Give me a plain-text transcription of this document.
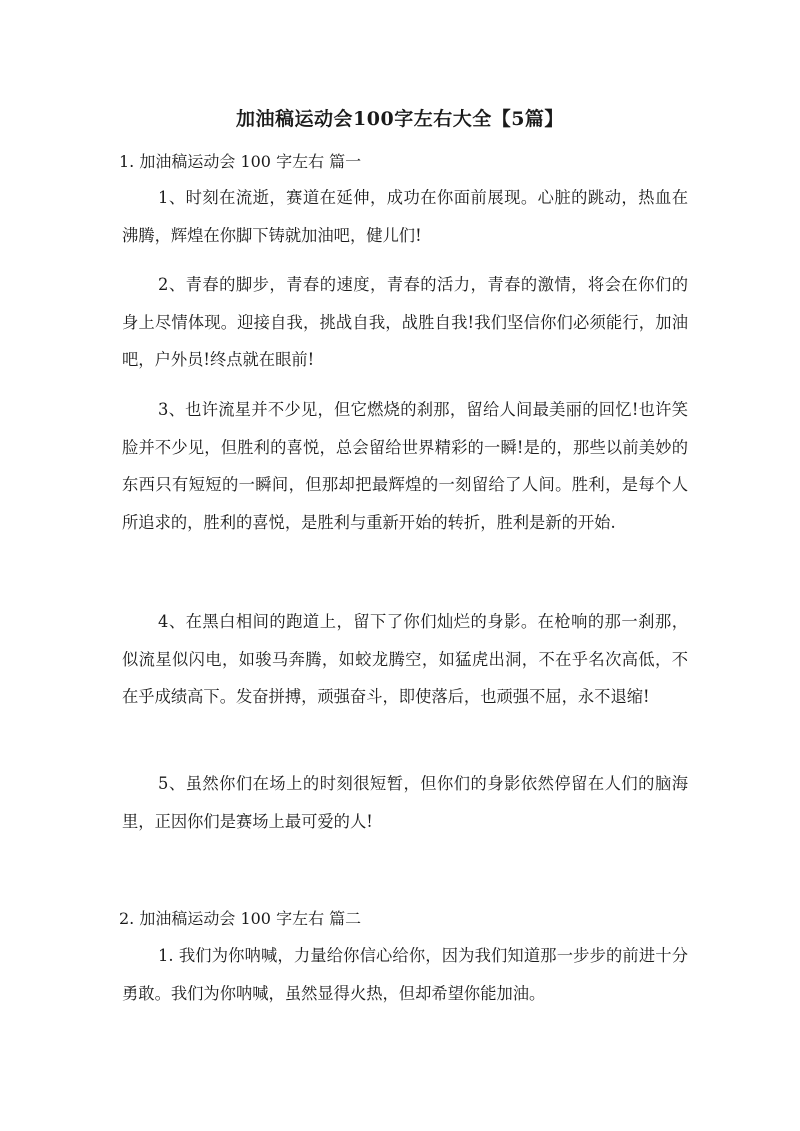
加油稿运动会100字左右大全【5篇】
1. 加油稿运动会 100 字左右 篇一

1、时刻在流逝，赛道在延伸，成功在你面前展现。心脏的跳动，热血在沸腾，辉煌在你脚下铸就加油吧，健儿们!

2、青春的脚步，青春的速度，青春的活力，青春的激情，将会在你们的身上尽情体现。迎接自我，挑战自我，战胜自我!我们坚信你们必须能行，加油吧，户外员!终点就在眼前!

3、也许流星并不少见，但它燃烧的刹那，留给人间最美丽的回忆!也许笑脸并不少见，但胜利的喜悦，总会留给世界精彩的一瞬!是的，那些以前美妙的东西只有短短的一瞬间，但那却把最辉煌的一刻留给了人间。胜利，是每个人所追求的，胜利的喜悦，是胜利与重新开始的转折，胜利是新的开始.

4、在黑白相间的跑道上，留下了你们灿烂的身影。在枪响的那一刹那，似流星似闪电，如骏马奔腾，如蛟龙腾空，如猛虎出洞，不在乎名次高低，不在乎成绩高下。发奋拼搏，顽强奋斗，即使落后，也顽强不屈，永不退缩!

5、虽然你们在场上的时刻很短暂，但你们的身影依然停留在人们的脑海里，正因你们是赛场上最可爱的人!

2. 加油稿运动会 100 字左右 篇二

1. 我们为你呐喊，力量给你信心给你，因为我们知道那一步步的前进十分勇敢。我们为你呐喊，虽然显得火热，但却希望你能加油。
